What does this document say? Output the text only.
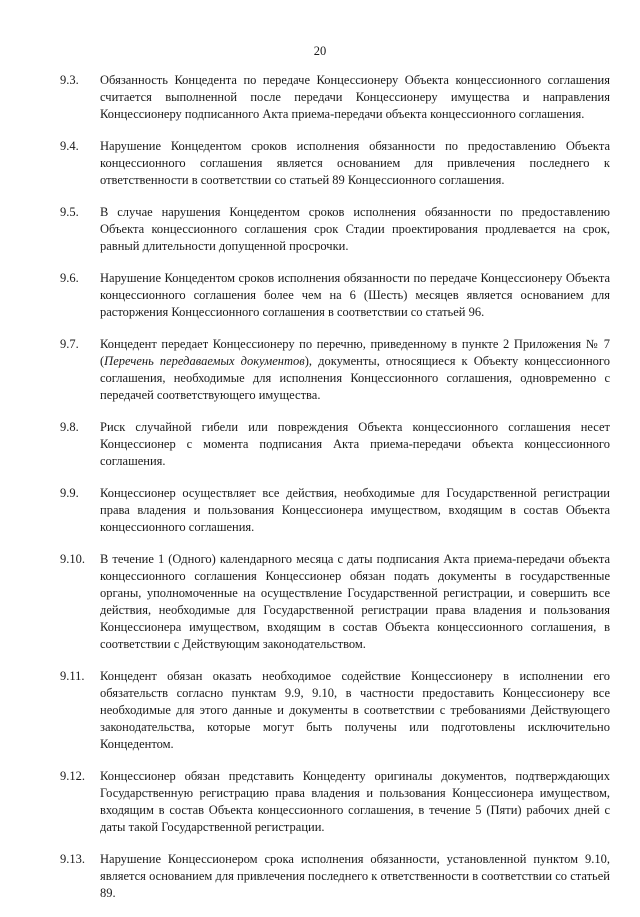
20
9.3.	Обязанность Концедента по передаче Концессионеру Объекта концессионного соглашения считается выполненной после передачи Концессионеру имущества и направления Концессионеру подписанного Акта приема-передачи объекта концессионного соглашения.
9.4.	Нарушение Концедентом сроков исполнения обязанности по предоставлению Объекта концессионного соглашения является основанием для привлечения последнего к ответственности в соответствии со статьей 89 Концессионного соглашения.
9.5.	В случае нарушения Концедентом сроков исполнения обязанности по предоставлению Объекта концессионного соглашения срок Стадии проектирования продлевается на срок, равный длительности допущенной просрочки.
9.6.	Нарушение Концедентом сроков исполнения обязанности по передаче Концессионеру Объекта концессионного соглашения более чем на 6 (Шесть) месяцев является основанием для расторжения Концессионного соглашения в соответствии со статьей 96.
9.7.	Концедент передает Концессионеру по перечню, приведенному в пункте 2 Приложения № 7 (Перечень передаваемых документов), документы, относящиеся к Объекту концессионного соглашения, необходимые для исполнения Концессионного соглашения, одновременно с передачей соответствующего имущества.
9.8.	Риск случайной гибели или повреждения Объекта концессионного соглашения несет Концессионер с момента подписания Акта приема-передачи объекта концессионного соглашения.
9.9.	Концессионер осуществляет все действия, необходимые для Государственной регистрации права владения и пользования Концессионера имуществом, входящим в состав Объекта концессионного соглашения.
9.10.	В течение 1 (Одного) календарного месяца с даты подписания Акта приема-передачи объекта концессионного соглашения Концессионер обязан подать документы в государственные органы, уполномоченные на осуществление Государственной регистрации, и совершить все действия, необходимые для Государственной регистрации права владения и пользования Концессионера имуществом, входящим в состав Объекта концессионного соглашения, в соответствии с Действующим законодательством.
9.11.	Концедент обязан оказать необходимое содействие Концессионеру в исполнении его обязательств согласно пунктам 9.9, 9.10, в частности предоставить Концессионеру все необходимые для этого данные и документы в соответствии с требованиями Действующего законодательства, которые могут быть получены или подготовлены исключительно Концедентом.
9.12.	Концессионер обязан представить Концеденту оригиналы документов, подтверждающих Государственную регистрацию права владения и пользования Концессионера имуществом, входящим в состав Объекта концессионного соглашения, в течение 5 (Пяти) рабочих дней с даты такой Государственной регистрации.
9.13.	Нарушение Концессионером срока исполнения обязанности, установленной пунктом 9.10, является основанием для привлечения последнего к ответственности в соответствии со статьей 89.
